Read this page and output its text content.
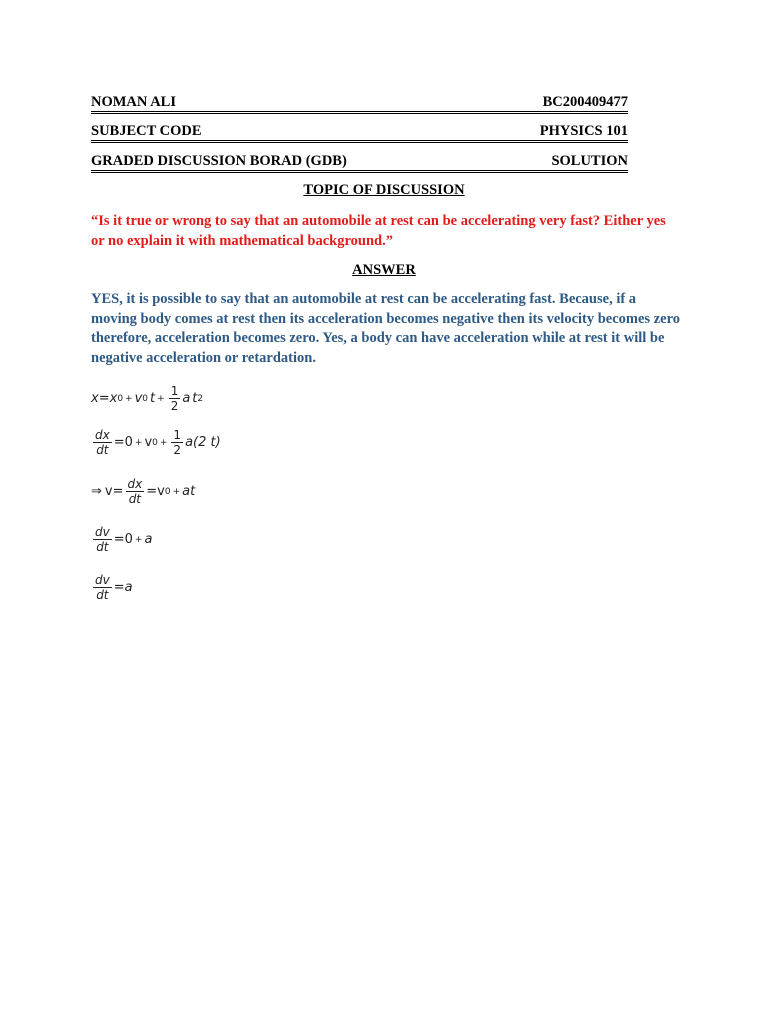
NOMAN ALI	BC200409477
SUBJECT CODE	PHYSICS 101
GRADED DISCUSSION BORAD (GDB)	SOLUTION
TOPIC OF DISCUSSION
“Is it true or wrong to say that an automobile at rest can be accelerating very fast? Either yes or no explain it with mathematical background.”
ANSWER
YES, it is possible to say that an automobile at rest can be accelerating fast. Because, if a moving body comes at rest then its acceleration becomes negative then its velocity becomes zero therefore, acceleration becomes zero. Yes, a body can have acceleration while at rest it will be negative acceleration or retardation.
x = x 0 + v 0 $t + \frac{1}{2}$ a t 2
$\frac{dx}{dt} =0 + v$ $0 + \frac{1}{2} a(2$ t)
⇒ $v= \frac{dx}{dt} = v$ 0 + at
$\frac{dv}{dt} =0 + a$
$\frac{dv}{dt} = a$
